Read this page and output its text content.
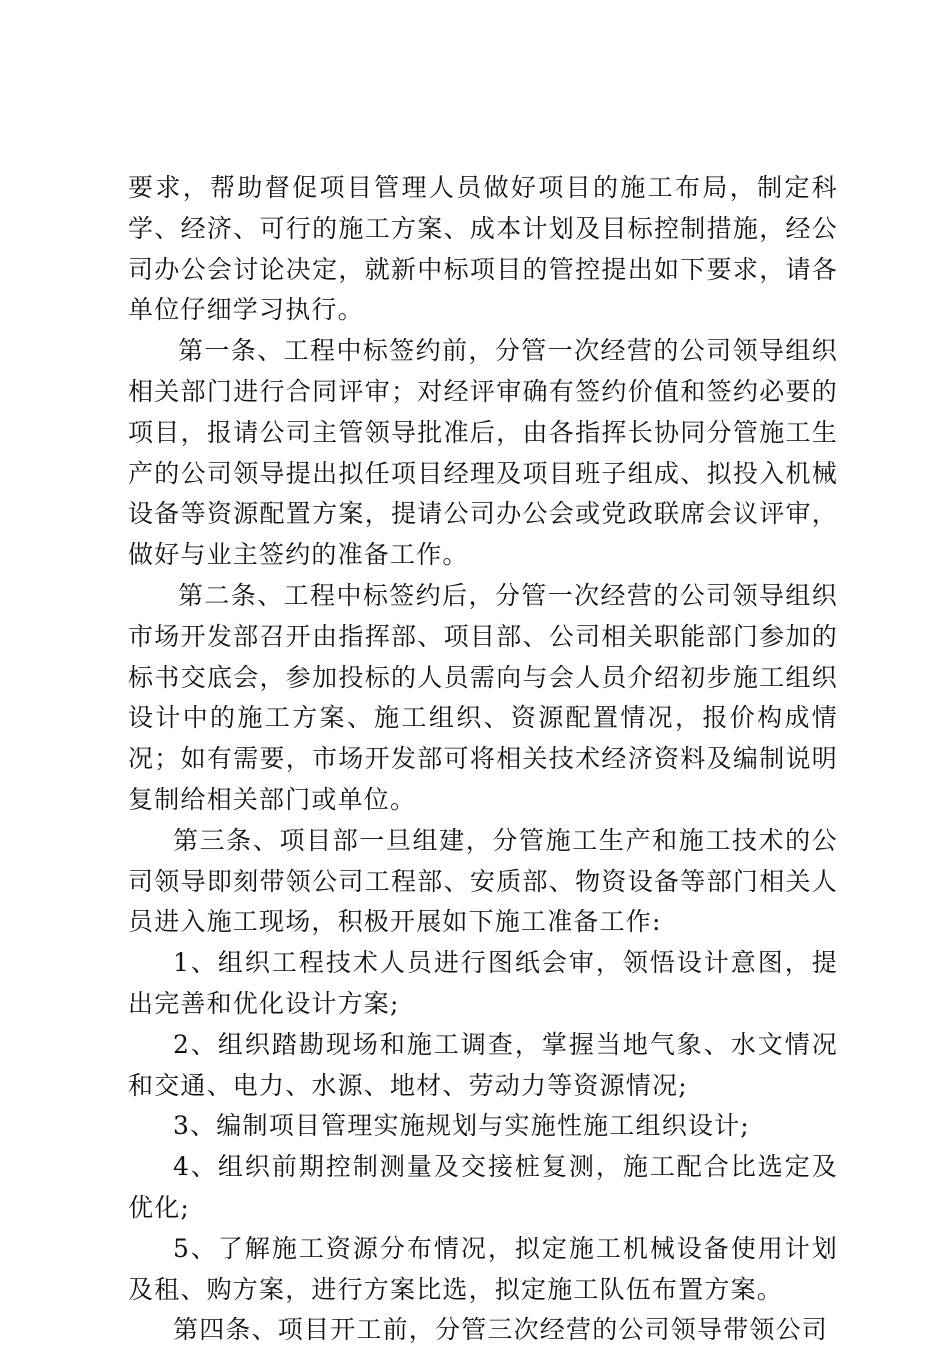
要求，帮助督促项目管理人员做好项目的施工布局，制定科学、经济、可行的施工方案、成本计划及目标控制措施，经公司办公会讨论决定，就新中标项目的管控提出如下要求，请各单位仔细学习执行。

第一条、工程中标签约前，分管一次经营的公司领导组织相关部门进行合同评审；对经评审确有签约价值和签约必要的项目，报请公司主管领导批准后，由各指挥长协同分管施工生产的公司领导提出拟任项目经理及项目班子组成、拟投入机械设备等资源配置方案，提请公司办公会或党政联席会议评审，做好与业主签约的准备工作。

第二条、工程中标签约后，分管一次经营的公司领导组织市场开发部召开由指挥部、项目部、公司相关职能部门参加的标书交底会，参加投标的人员需向与会人员介绍初步施工组织设计中的施工方案、施工组织、资源配置情况，报价构成情况；如有需要，市场开发部可将相关技术经济资料及编制说明复制给相关部门或单位。

第三条、项目部一旦组建，分管施工生产和施工技术的公司领导即刻带领公司工程部、安质部、物资设备等部门相关人员进入施工现场，积极开展如下施工准备工作:

1、组织工程技术人员进行图纸会审，领悟设计意图，提出完善和优化设计方案;

2、组织踏勘现场和施工调查，掌握当地气象、水文情况和交通、电力、水源、地材、劳动力等资源情况;

3、编制项目管理实施规划与实施性施工组织设计;

4、组织前期控制测量及交接桩复测，施工配合比选定及优化;

5、了解施工资源分布情况，拟定施工机械设备使用计划及租、购方案，进行方案比选，拟定施工队伍布置方案。

第四条、项目开工前，分管三次经营的公司领导带领公司
